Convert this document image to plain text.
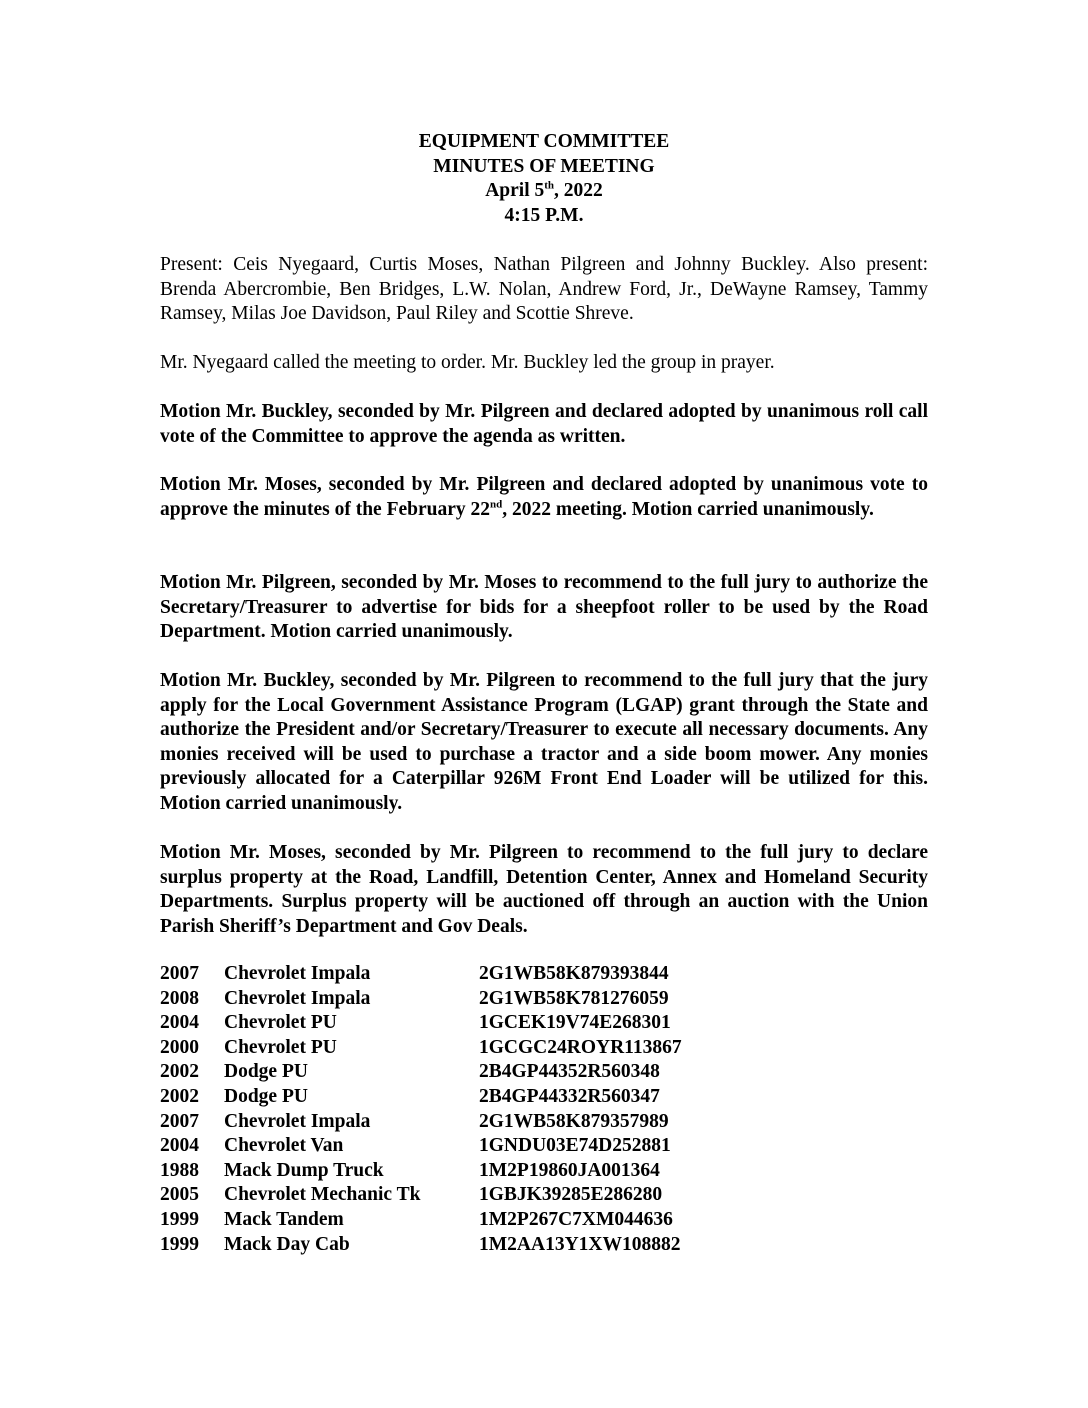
EQUIPMENT COMMITTEE
MINUTES OF MEETING
April 5th, 2022
4:15 P.M.

Present: Ceis Nyegaard, Curtis Moses, Nathan Pilgreen and Johnny Buckley. Also present: Brenda Abercrombie, Ben Bridges, L.W. Nolan, Andrew Ford, Jr., DeWayne Ramsey, Tammy Ramsey, Milas Joe Davidson, Paul Riley and Scottie Shreve.

Mr. Nyegaard called the meeting to order. Mr. Buckley led the group in prayer.

Motion Mr. Buckley, seconded by Mr. Pilgreen and declared adopted by unanimous roll call vote of the Committee to approve the agenda as written.

Motion Mr. Moses, seconded by Mr. Pilgreen and declared adopted by unanimous vote to approve the minutes of the February 22nd, 2022 meeting. Motion carried unanimously.

Motion Mr. Pilgreen, seconded by Mr. Moses to recommend to the full jury to authorize the Secretary/Treasurer to advertise for bids for a sheepfoot roller to be used by the Road Department. Motion carried unanimously.

Motion Mr. Buckley, seconded by Mr. Pilgreen to recommend to the full jury that the jury apply for the Local Government Assistance Program (LGAP) grant through the State and authorize the President and/or Secretary/Treasurer to execute all necessary documents. Any monies received will be used to purchase a tractor and a side boom mower. Any monies previously allocated for a Caterpillar 926M Front End Loader will be utilized for this. Motion carried unanimously.

Motion Mr. Moses, seconded by Mr. Pilgreen to recommend to the full jury to declare surplus property at the Road, Landfill, Detention Center, Annex and Homeland Security Departments. Surplus property will be auctioned off through an auction with the Union Parish Sheriff’s Department and Gov Deals.

2007	Chevrolet Impala	2G1WB58K879393844
2008	Chevrolet Impala	2G1WB58K781276059
2004	Chevrolet PU	1GCEK19V74E268301
2000	Chevrolet PU	1GCGC24ROYR113867
2002	Dodge PU	2B4GP44352R560348
2002	Dodge PU	2B4GP44332R560347
2007	Chevrolet Impala	2G1WB58K879357989
2004	Chevrolet Van	1GNDU03E74D252881
1988	Mack Dump Truck	1M2P19860JA001364
2005	Chevrolet Mechanic Tk	1GBJK39285E286280
1999	Mack Tandem	1M2P267C7XM044636
1999	Mack Day Cab	1M2AA13Y1XW108882
